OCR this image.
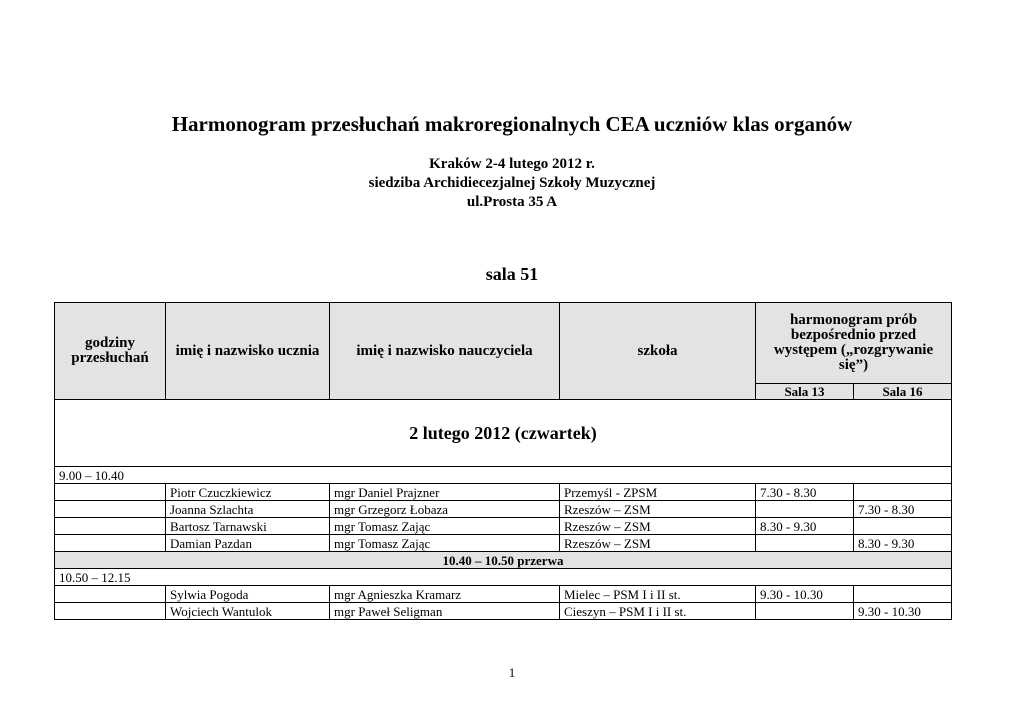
Harmonogram przesłuchań makroregionalnych CEA uczniów klas organów
Kraków 2-4 lutego 2012 r.
siedziba Archidiecezjalnej Szkoły Muzycznej
ul.Prosta 35 A
sala 51
godziny przesłuchań	imię i nazwisko ucznia	imię i nazwisko nauczyciela	szkoła	harmonogram prób bezpośrednio przed występem („rozgrywanie się”)	
				Sala 13	Sala 16
2 lutego 2012 (czwartek)					
9.00 – 10.40					
	Piotr Czuczkiewicz	mgr Daniel Prajzner	Przemyśl - ZPSM	7.30 - 8.30	
	Joanna Szlachta	mgr Grzegorz Łobaza	Rzeszów – ZSM		7.30 - 8.30
	Bartosz Tarnawski	mgr Tomasz Zając	Rzeszów – ZSM	8.30 - 9.30	
	Damian Pazdan	mgr Tomasz Zając	Rzeszów – ZSM		8.30 - 9.30
10.40 – 10.50 przerwa					
10.50 – 12.15					
	Sylwia Pogoda	mgr Agnieszka Kramarz	Mielec – PSM I i II st.	9.30 - 10.30	
	Wojciech Wantulok	mgr Paweł Seligman	Cieszyn – PSM I i II st.		9.30 - 10.30
1
